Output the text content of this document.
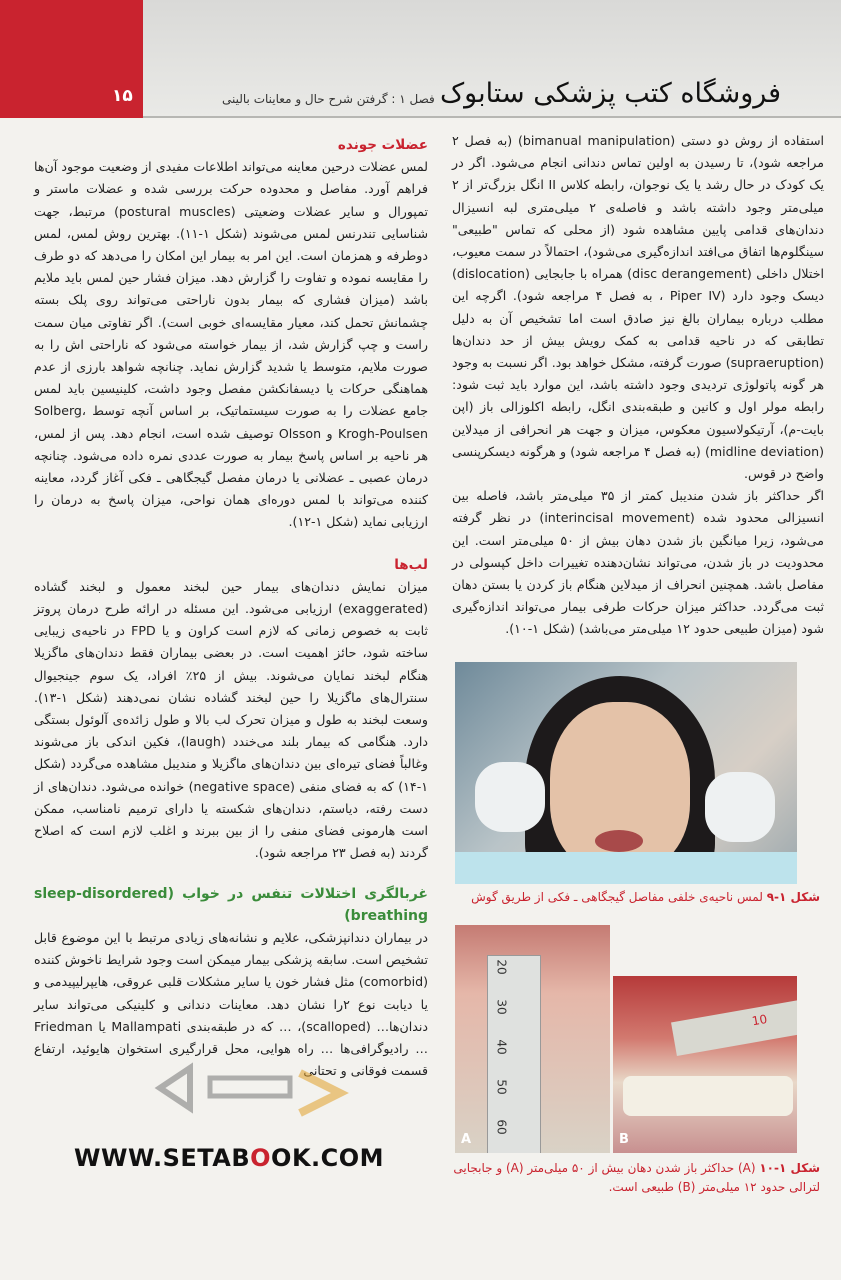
۱۵	فصل ۱ : گرفتن شرح حال و معاینات بالینی فروشگاه کتب پزشکی ستابوک

استفاده از روش دو دستی (bimanual manipulation) (به فصل ۲ مراجعه شود)، تا رسیدن به اولین تماس دندانی انجام می‌شود. اگر در یک کودک در حال رشد یا یک نوجوان، رابطه کلاس II انگل بزرگ‌تر از ۲ میلی‌متر وجود داشته باشد و فاصله‌ی ۲ میلی‌متری لبه انسیزال دندان‌های قدامی پایین مشاهده شود (از محلی که تماس "طبیعی" سینگلوم‌ها اتفاق می‌افتد اندازه‌گیری می‌شود)، احتمالاً در سمت معیوب، اختلال داخلی (disc derangement) همراه با جابجایی (dislocation) دیسک وجود دارد (Piper IV ، به فصل ۴ مراجعه شود). اگرچه این مطلب درباره بیماران بالغ نیز صادق است اما تشخیص آن به دلیل تطابقی که در ناحیه قدامی به کمک رویش بیش از حد دندان‌ها (supraeruption) صورت گرفته، مشکل خواهد بود. اگر نسبت به وجود هر گونه پاتولوژی تردیدی وجود داشته باشد، این موارد باید ثبت شود: رابطه مولر اول و کانین و طبقه‌بندی انگل، رابطه اکلوزالی باز (اپن بایت-م)، آرتیکولاسیون معکوس، میزان و جهت هر انحرافی از میدلاین (midline deviation) (به فصل ۴ مراجعه شود) و هرگونه دیسکرپنسی واضح در قوس.

اگر حداکثر باز شدن مندیبل کمتر از ۳۵ میلی‌متر باشد، فاصله بین انسیزالی محدود شده (interincisal movement) در نظر گرفته می‌شود، زیرا میانگین باز شدن دهان بیش از ۵۰ میلی‌متر است. این محدودیت در باز شدن، می‌تواند نشان‌دهنده تغییرات داخل کپسولی در مفاصل باشد. همچنین انحراف از میدلاین هنگام باز کردن یا بستن دهان ثبت می‌گردد. حداکثر میزان حرکات طرفی بیمار می‌تواند اندازه‌گیری شود (میزان طبیعی حدود ۱۲ میلی‌متر می‌باشد) (شکل ۱-۱۰).

عضلات جونده

لمس عضلات درحین معاینه می‌تواند اطلاعات مفیدی از وضعیت موجود آن‌ها فراهم آورد. مفاصل و محدوده حرکت بررسی شده و عضلات ماستر و تمپورال و سایر عضلات وضعیتی (postural muscles) مرتبط، جهت شناسایی تندرنس لمس می‌شوند (شکل ۱-۱۱). بهترین روش لمس، لمس دوطرفه و همزمان است. این امر به بیمار این امکان را می‌دهد که دو طرف را مقایسه نموده و تفاوت را گزارش دهد. میزان فشار حین لمس باید ملایم باشد (میزان فشاری که بیمار بدون ناراحتی می‌تواند روی پلک بسته چشمانش تحمل کند، معیار مقایسه‌ای خوبی است). اگر تفاوتی میان سمت راست و چپ گزارش شد، از بیمار خواسته می‌شود که ناراحتی اش را به صورت ملایم، متوسط یا شدید گزارش نماید. چنانچه شواهد بارزی از عدم هماهنگی حرکات یا دیسفانکشن مفصل وجود داشت، کلینیسین باید لمس جامع عضلات را به صورت سیستماتیک، بر اساس آنچه توسط Solberg، Krogh-Poulsen و Olsson توصیف شده است، انجام دهد. پس از لمس، هر ناحیه بر اساس پاسخ بیمار به صورت عددی نمره داده می‌شود. چنانچه درمان عصبی ـ عضلانی یا درمان مفصل گیجگاهی ـ فکی آغاز گردد، معاینه کننده می‌تواند با لمس دوره‌ای همان نواحی، میزان پاسخ به درمان را ارزیابی نماید (شکل ۱-۱۲).

لب‌ها

میزان نمایش دندان‌های بیمار حین لبخند معمول و لبخند گشاده (exaggerated) ارزیابی می‌شود. این مسئله در ارائه طرح درمان پروتز ثابت به خصوص زمانی که لازم است کراون و یا FPD در ناحیه‌ی زیبایی ساخته شود، حائز اهمیت است. در بعضی بیماران فقط دندان‌های ماگزیلا هنگام لبخند نمایان می‌شوند. بیش از ۲۵٪ افراد، یک سوم جینجیوال سنترال‌های ماگزیلا را حین لبخند گشاده نشان نمی‌دهند (شکل ۱-۱۳). وسعت لبخند به طول و میزان تحرک لب بالا و طول زائده‌ی آلوئول بستگی دارد. هنگامی که بیمار بلند می‌خندد (laugh)، فکین اندکی باز می‌شوند وغالباً فضای تیره‌ای بین دندان‌های ماگزیلا و مندیبل مشاهده می‌گردد (شکل ۱-۱۴) که به فضای منفی (negative space) خوانده می‌شود. دندان‌های از دست رفته، دیاستم، دندان‌های شکسته یا دارای ترمیم نامناسب، ممکن است هارمونی فضای منفی را از بین ببرند و اغلب لازم است که اصلاح گردند (به فصل ۲۳ مراجعه شود).

غربالگری اختلالات تنفس در خواب (sleep-disordered breathing)

در بیماران دندانپزشکی، علایم و نشانه‌های زیادی مرتبط با این موضوع قابل تشخیص است. سابقه پزشکی بیمار میمکن است وجود شرایط ناخوش کننده (comorbid) مثل فشار خون یا سایر مشکلات قلبی عروقی، هایپرلیپیدمی و یا دیابت نوع ۲را نشان دهد. معاینات دندانی و کلینیکی می‌تواند سایر دندان‌ها… (scalloped)، … که در طبقه‌بندی Mallampati یا Friedman … رادیوگرافی‌ها … راه هوایی، محل قرارگیری استخوان هایوئید، ارتفاع قسمت فوقانی و تحتانی

شکل ۱-۹ لمس ناحیه‌ی خلفی مفاصل گیجگاهی ـ فکی از طریق گوش
20
30
40
50
60
A
10
B
شکل ۱-۱۰ (A) حداکثر باز شدن دهان بیش از ۵۰ میلی‌متر (A) و جابجایی لترالی حدود ۱۲ میلی‌متر (B) طبیعی است.
WWW.SETABOOK.COM
